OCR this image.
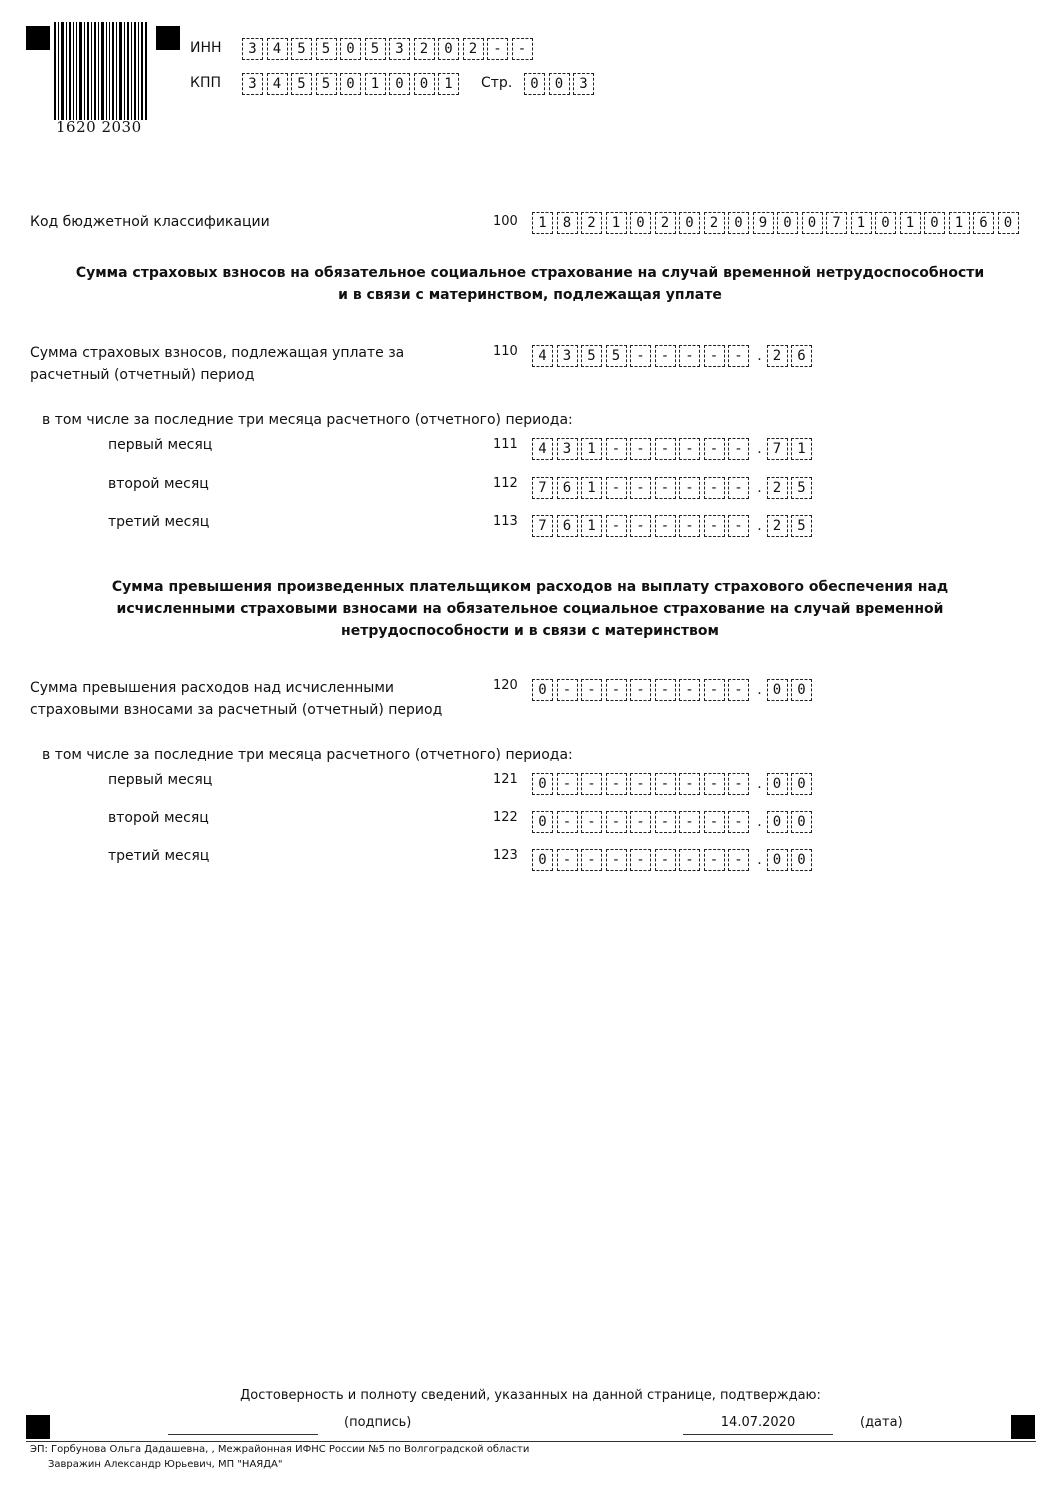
1620 2030
ИНН	3	4	5	5	0	5	3	2	0	2	-	-
КПП	3	4	5	5	0	1	0	0	1	Стр.	0	0	3
Код бюджетной классификации	100	1	8	2	1	0	2	0	2	0	9	0	0	7	1	0	1	0	1	6	0
Сумма страховых взносов на обязательное социальное страхование на случай временной нетрудоспособности
и в связи с материнством, подлежащая уплате
Сумма страховых взносов, подлежащая уплате за
расчетный (отчетный) период
в том числе за последние три месяца расчетного (отчетного) периода:
110	4	3	5	5	-	-	-	-	-	. 2	6
первый месяц	111	4	3	1	-	-	-	-	-	-	. 7	1
второй месяц	112	7	6	1	-	-	-	-	-	-	. 2	5
третий месяц	113	7	6	1	-	-	-	-	-	-	. 2	5
Сумма превышения произведенных плательщиком расходов на выплату страхового обеспечения над
исчисленными страховыми взносами на обязательное социальное страхование на случай временной
нетрудоспособности и в связи с материнством
Сумма превышения расходов над исчисленными
страховыми взносами за расчетный (отчетный) период
в том числе за последние три месяца расчетного (отчетного) периода:
120	0	-	-	-	-	-	-	-	-	. 0	0
первый месяц	121	0	-	-	-	-	-	-	-	-	. 0	0
второй месяц	122	0	-	-	-	-	-	-	-	-	. 0	0
третий месяц	123	0	-	-	-	-	-	-	-	-	. 0	0
Достоверность и полноту сведений, указанных на данной странице, подтверждаю:
(подпись)	14.07.2020	(дата)
ЭП: Горбунова Ольга Дадашевна, , Межрайонная ИФНС России №5 по Волгоградской области
Завражин Александр Юрьевич, МП "НАЯДА"
